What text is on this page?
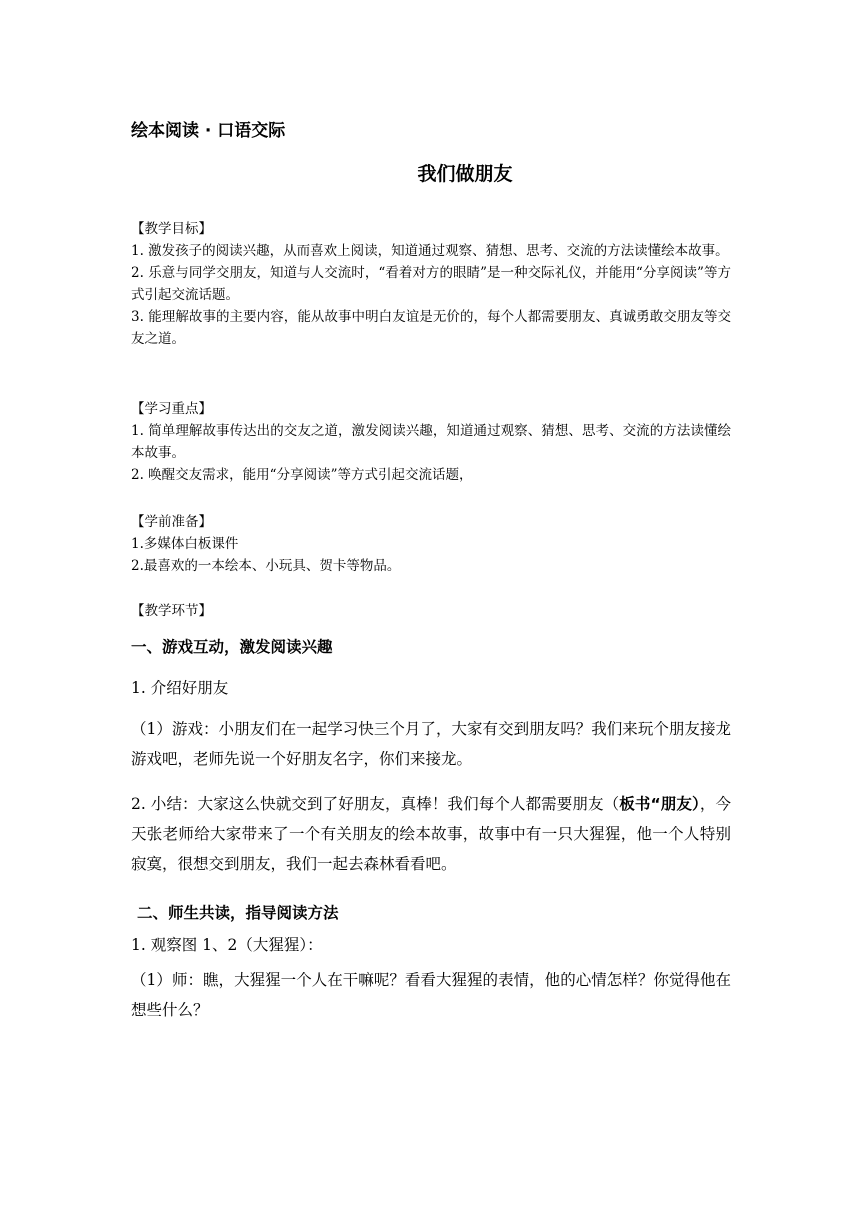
绘本阅读 · 口语交际
我们做朋友

【教学目标】

1. 激发孩子的阅读兴趣，从而喜欢上阅读，知道通过观察、猜想、思考、交流的方法读懂绘本故事。

2. 乐意与同学交朋友，知道与人交流时，“看着对方的眼睛”是一种交际礼仪，并能用“分享阅读”等方式引起交流话题。

3. 能理解故事的主要内容，能从故事中明白友谊是无价的，每个人都需要朋友、真诚勇敢交朋友等交友之道。

【学习重点】

1. 简单理解故事传达出的交友之道，激发阅读兴趣，知道通过观察、猜想、思考、交流的方法读懂绘本故事。

2. 唤醒交友需求，能用“分享阅读”等方式引起交流话题，

【学前准备】

1.多媒体白板课件

2.最喜欢的一本绘本、小玩具、贺卡等物品。

【教学环节】

一、游戏互动，激发阅读兴趣

1. 介绍好朋友

（1）游戏：小朋友们在一起学习快三个月了，大家有交到朋友吗？我们来玩个朋友接龙游戏吧，老师先说一个好朋友名字，你们来接龙。

2. 小结：大家这么快就交到了好朋友，真棒！我们每个人都需要朋友（板书“朋友），今天张老师给大家带来了一个有关朋友的绘本故事，故事中有一只大猩猩，他一个人特别寂寞，很想交到朋友，我们一起去森林看看吧。

二、师生共读，指导阅读方法

1. 观察图 1、2（大猩猩）：

（1）师：瞧，大猩猩一个人在干嘛呢？看看大猩猩的表情，他的心情怎样？你觉得他在想些什么？
